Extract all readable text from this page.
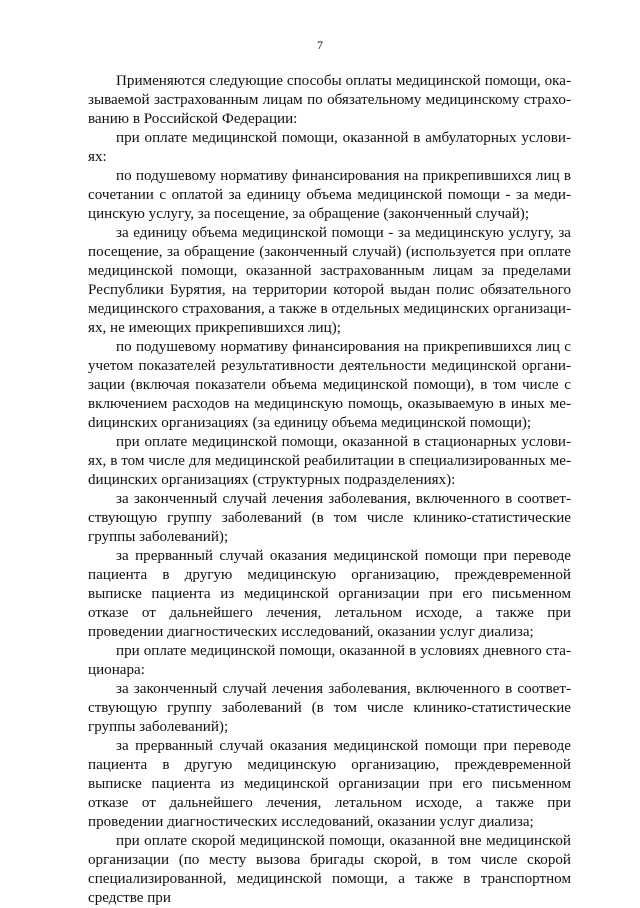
7

Применяются следующие способы оплаты медицинской помощи, оказываемой застрахованным лицам по обязательному медицинскому страхованию в Российской Федерации:

при оплате медицинской помощи, оказанной в амбулаторных условиях:

по подушевому нормативу финансирования на прикрепившихся лиц в сочетании с оплатой за единицу объема медицинской помощи - за медицинскую услугу, за посещение, за обращение (законченный случай);

за единицу объема медицинской помощи - за медицинскую услугу, за посещение, за обращение (законченный случай) (используется при оплате медицинской помощи, оказанной застрахованным лицам за пределами Республики Бурятия, на территории которой выдан полис обязательного медицинского страхования, а также в отдельных медицинских организациях, не имеющих прикрепившихся лиц);

по подушевому нормативу финансирования на прикрепившихся лиц с учетом показателей результативности деятельности медицинской организации (включая показатели объема медицинской помощи), в том числе с включением расходов на медицинскую помощь, оказываемую в иных меdицинских организациях (за единицу объема медицинской помощи);

при оплате медицинской помощи, оказанной в стационарных условиях, в том числе для медицинской реабилитации в специализированных меdицинских организациях (структурных подразделениях):

за законченный случай лечения заболевания, включенного в соответствующую группу заболеваний (в том числе клинико-статистические группы заболеваний);

за прерванный случай оказания медицинской помощи при переводе пациента в другую медицинскую организацию, преждевременной выписке пациента из медицинской организации при его письменном отказе от дальнейшего лечения, летальном исходе, а также при проведении диагностических исследований, оказании услуг диализа;

при оплате медицинской помощи, оказанной в условиях дневного стационара:

за законченный случай лечения заболевания, включенного в соответствующую группу заболеваний (в том числе клинико-статистические группы заболеваний);

за прерванный случай оказания медицинской помощи при переводе пациента в другую медицинскую организацию, преждевременной выписке пациента из медицинской организации при его письменном отказе от дальнейшего лечения, летальном исходе, а также при проведении диагностических исследований, оказании услуг диализа;

при оплате скорой медицинской помощи, оказанной вне медицинской организации (по месту вызова бригады скорой, в том числе скорой специализированной, медицинской помощи, а также в транспортном средстве при
